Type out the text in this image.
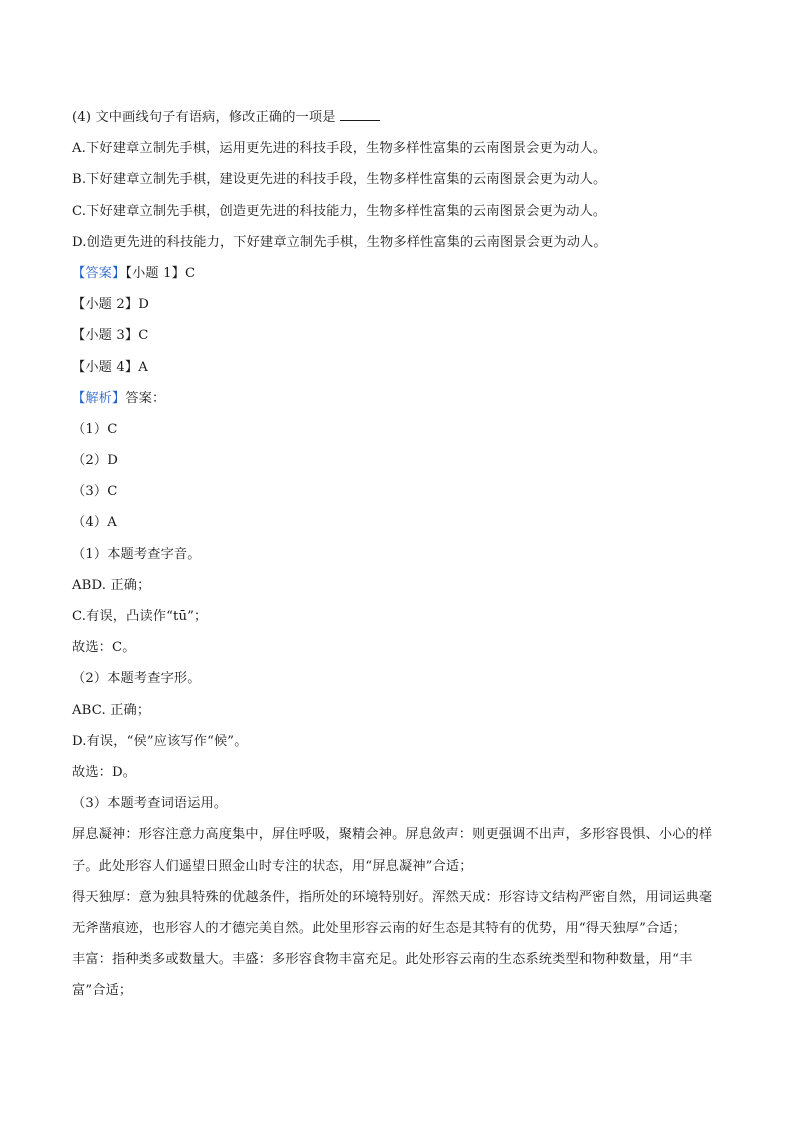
(4) 文中画线句子有语病，修改正确的一项是
A.下好建章立制先手棋，运用更先进的科技手段，生物多样性富集的云南图景会更为动人。
B.下好建章立制先手棋，建设更先进的科技手段，生物多样性富集的云南图景会更为动人。
C.下好建章立制先手棋，创造更先进的科技能力，生物多样性富集的云南图景会更为动人。
D.创造更先进的科技能力，下好建章立制先手棋，生物多样性富集的云南图景会更为动人。
【答案】【小题 1】C
【小题 2】D
【小题 3】C
【小题 4】A
【解析】答案：
（1）C
（2）D
（3）C
（4）A
（1）本题考查字音。
ABD. 正确；
C.有误，凸读作“tū”；
故选：C。
（2）本题考查字形。
ABC. 正确；
D.有误，“侯”应该写作“候”。
故选：D。
（3）本题考查词语运用。
屏息凝神：形容注意力高度集中，屏住呼吸，聚精会神。屏息敛声：则更强调不出声，多形容畏惧、小心的样子。此处形容人们遥望日照金山时专注的状态，用“屏息凝神”合适；
得天独厚：意为独具特殊的优越条件，指所处的环境特别好。浑然天成：形容诗文结构严密自然，用词运典毫无斧凿痕迹，也形容人的才德完美自然。此处里形容云南的好生态是其特有的优势，用“得天独厚”合适；
丰富：指种类多或数量大。丰盛：多形容食物丰富充足。此处形容云南的生态系统类型和物种数量，用“丰富”合适；
